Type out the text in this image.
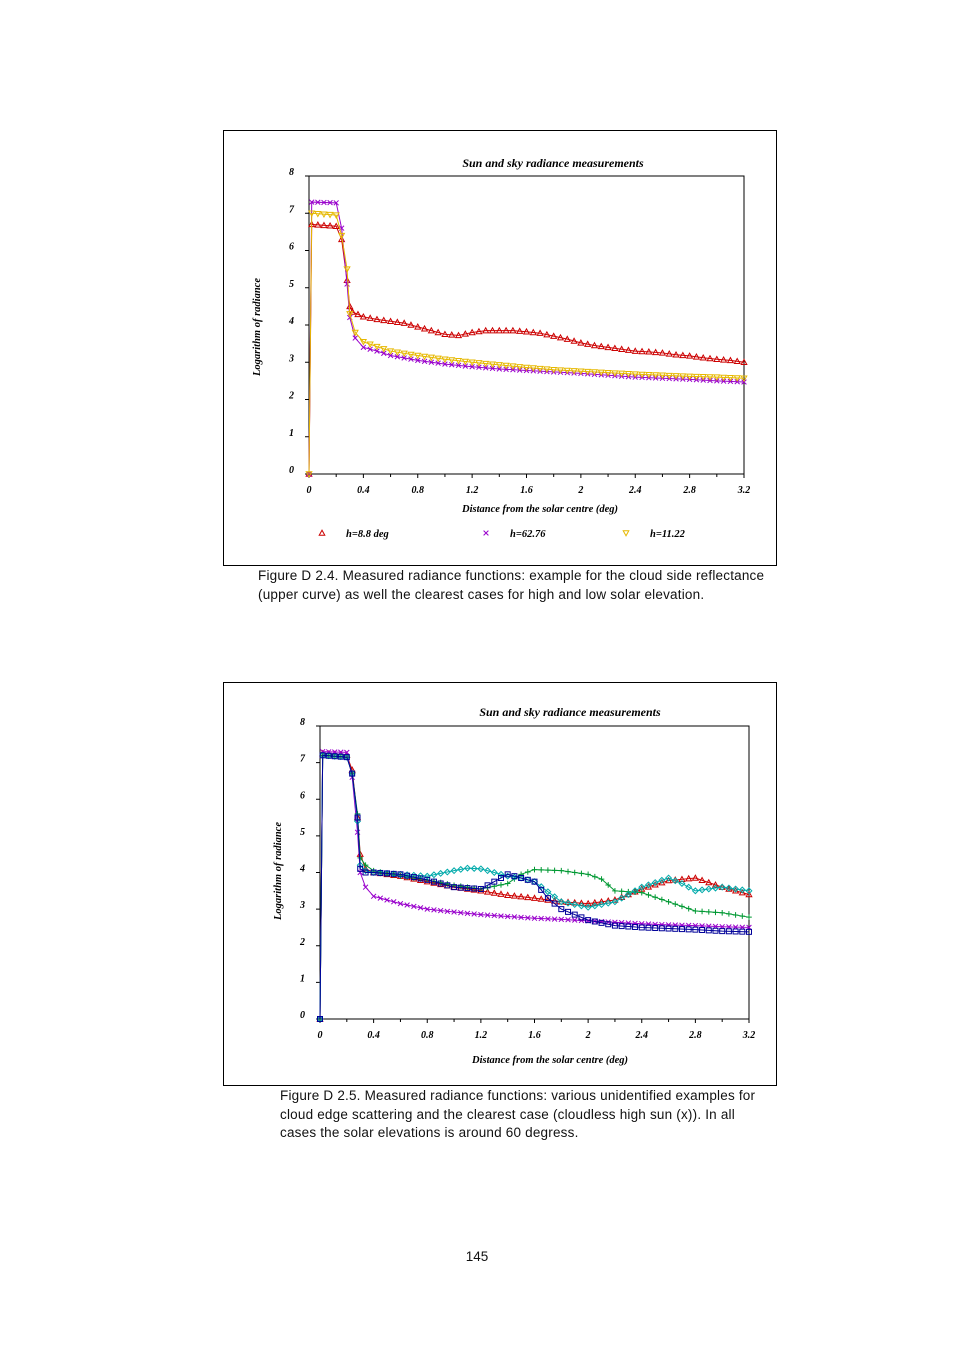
Sun and sky radiance measurements
0	0.4	0.8	1.2	1.6	2	2.4	2.8	3.2
0
1
2
3
4
5
6
7
8
Distance from the solar centre (deg)
Logarithm of radiance
h=8.8 deg	h=62.76	h=11.22
Figure D 2.4. Measured radiance functions: example for the cloud side reflectance (upper curve) as well the clearest cases for high and low solar elevation.
Sun and sky radiance measurements
0	0.4	0.8	1.2	1.6	2	2.4	2.8	3.2
0
1
2
3
4
5
6
7
8
Distance from the solar centre (deg)
Logarithm of radiance
Figure D 2.5. Measured radiance functions: various unidentified examples for cloud edge scattering and the clearest case (cloudless high sun (x)). In all cases the solar elevations is around 60 degress.
145
